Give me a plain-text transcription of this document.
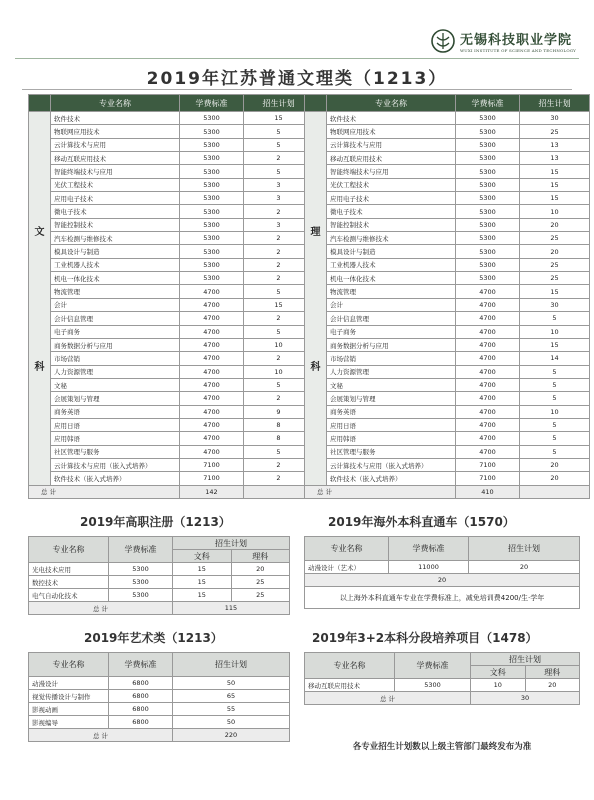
无锡科技职业学院
WUXI INSTITUTE OF SCIENCE AND TECHNOLOGY
2019年江苏普通文理类（1213）
	专业名称	学费标准	招生计划

文
科	软件技术	5300	15
	物联网应用技术	5300	5
	云计算技术与应用	5300	5
	移动互联应用技术	5300	2
	智能终端技术与应用	5300	5
	光伏工程技术	5300	3
	应用电子技术	5300	3
	微电子技术	5300	2
	智能控制技术	5300	3
	汽车检测与维修技术	5300	2
	模具设计与制造	5300	2
	工业机器人技术	5300	2
	机电一体化技术	5300	2
	物流管理	4700	5
	会计	4700	15
	会计信息管理	4700	2
	电子商务	4700	5
	商务数据分析与应用	4700	10
	市场营销	4700	2
	人力资源管理	4700	10
	文秘	4700	5
	会展策划与管理	4700	2
	商务英语	4700	9
	应用日语	4700	8
	应用韩语	4700	8
	社区管理与服务	4700	5
	云计算技术与应用（嵌入式培养）	7100	2
	软件技术（嵌入式培养）	7100	2
总 计		142	
	专业名称	学费标准	招生计划

理
科	软件技术	5300	30
	物联网应用技术	5300	25
	云计算技术与应用	5300	13
	移动互联应用技术	5300	13
	智能终端技术与应用	5300	15
	光伏工程技术	5300	15
	应用电子技术	5300	15
	微电子技术	5300	10
	智能控制技术	5300	20
	汽车检测与维修技术	5300	25
	模具设计与制造	5300	20
	工业机器人技术	5300	25
	机电一体化技术	5300	25
	物流管理	4700	15
	会计	4700	30
	会计信息管理	4700	5
	电子商务	4700	10
	商务数据分析与应用	4700	15
	市场营销	4700	14
	人力资源管理	4700	5
	文秘	4700	5
	会展策划与管理	4700	5
	商务英语	4700	10
	应用日语	4700	5
	应用韩语	4700	5
	社区管理与服务	4700	5
	云计算技术与应用（嵌入式培养）	7100	20
	软件技术（嵌入式培养）	7100	20
总 计		410	
2019年高职注册（1213）
专业名称	学费标准	招生计划	
		文科	理科
光电技术应用	5300	15	20
数控技术	5300	15	25
电气自动化技术	5300	15	25
总 计		115	
2019年海外本科直通车（1570）
专业名称	学费标准	招生计划
动漫设计（艺术）	11000	20
20		
以上海外本科直通车专业在学费标准上，减免培训费4200/生·学年		
2019年艺术类（1213）
专业名称	学费标准	招生计划
动漫设计	6800	50
视觉传播设计与制作	6800	65
影视动画	6800	55
影视编导	6800	50
总 计		220
2019年3+2本科分段培养项目（1478）
专业名称	学费标准	招生计划	
		文科	理科
移动互联应用技术	5300	10	20
总 计		30	
各专业招生计划数以上级主管部门最终发布为准
